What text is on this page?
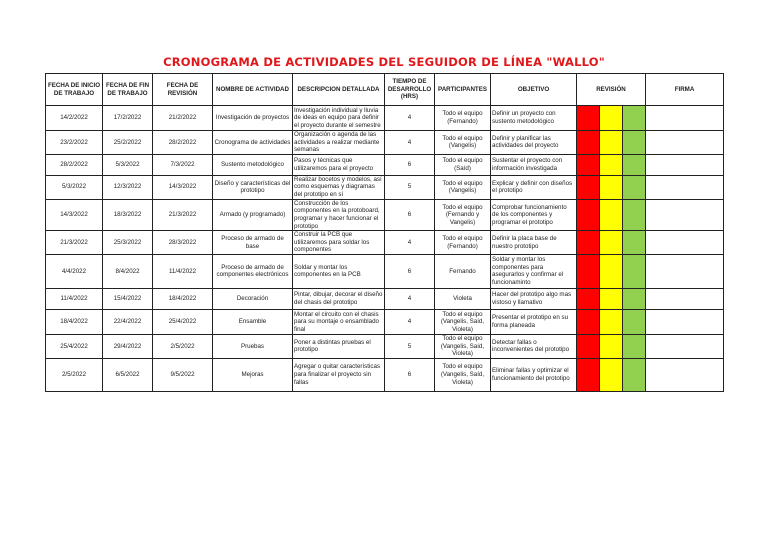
CRONOGRAMA DE ACTIVIDADES DEL SEGUIDOR DE LÍNEA "WALLO"
FECHA DE INICIO DE TRABAJO	FECHA DE FIN DE TRABAJO	FECHA DE REVISIÓN	NOMBRE DE ACTIVIDAD	DESCRIPCION DETALLADA	TIEMPO DE DESARROLLO (HRS)	PARTICIPANTES	OBJETIVO	REVISIÓN			FIRMA
14/2/2022	17/2/2022	21/2/2022	Investigación de proyectos	Investigación individual y lluvia de ideas en equipo para definir el proyecto durante el semestre	4	Todo el equipo (Fernando)	Definir un proyecto con sustento metodológico				
23/2/2022	25/2/2022	28/2/2022	Cronograma de actividades	Organización o agenda de las actividades a realizar mediante semanas	4	Todo el equipo (Vangelis)	Definir y planificar las actividades del proyecto				
28/2/2022	5/3/2022	7/3/2022	Sustento metodológico	Pasos y técnicas que utilizaremos para el proyecto	6	Todo el equipo (Saíd)	Sustentar el proyecto con información investigada				
5/3/2022	12/3/2022	14/3/2022	Diseño y características del prototipo	Realizar bocetos y modelos, así como esquemas y diagramas del prototipo en sí	5	Todo el equipo (Vangelis)	Explicar y definir con diseños el prototipo				
14/3/2022	18/3/2022	21/3/2022	Armado (y programado)	Construcción de los componentes en la protoboard, programar y hacer funcionar el prototipo	6	Todo el equipo (Fernando y Vangelis)	Comprobar funcionamiento de los componentes y programar el prototipo				
21/3/2022	25/3/2022	28/3/2022	Proceso de armado de base	Construir la PCB que utilizaremos para soldar los componentes	4	Todo el equipo (Fernando)	Definir la placa base de nuestro prototipo				
4/4/2022	8/4/2022	11/4/2022	Proceso de armado de componentes electrónicos	Soldar y montar los componentes en la PCB	6	Fernando	Soldar y montar los componentes para asegurarlos y confirmar el funcionaminto				
11/4/2022	15/4/2022	18/4/2022	Decoración	Pintar, dibujar, decorar el diseño del chasis del prototipo	4	Violeta	Hacer del prototipo algo mas vistoso y llamativo				
18/4/2022	22/4/2022	25/4/2022	Ensamble	Montar el circuito con el chasis para su montaje o ensamblado final	4	Todo el equipo (Vangelis, Saíd, Violeta)	Presentar el prototipo en su forma planeada				
25/4/2022	29/4/2022	2/5/2022	Pruebas	Poner a distintas pruebas el prototipo	5	Todo el equipo (Vangelis, Saíd, Violeta)	Detectar fallas o inconvenientes del prototipo				
2/5/2022	6/5/2022	9/5/2022	Mejoras	Agregar o quitar características para finalizar el proyecto sin fallas	6	Todo el equipo (Vangelis, Saíd, Violeta)	Eliminar fallas y optimizar el funcionamiento del prototipo				
